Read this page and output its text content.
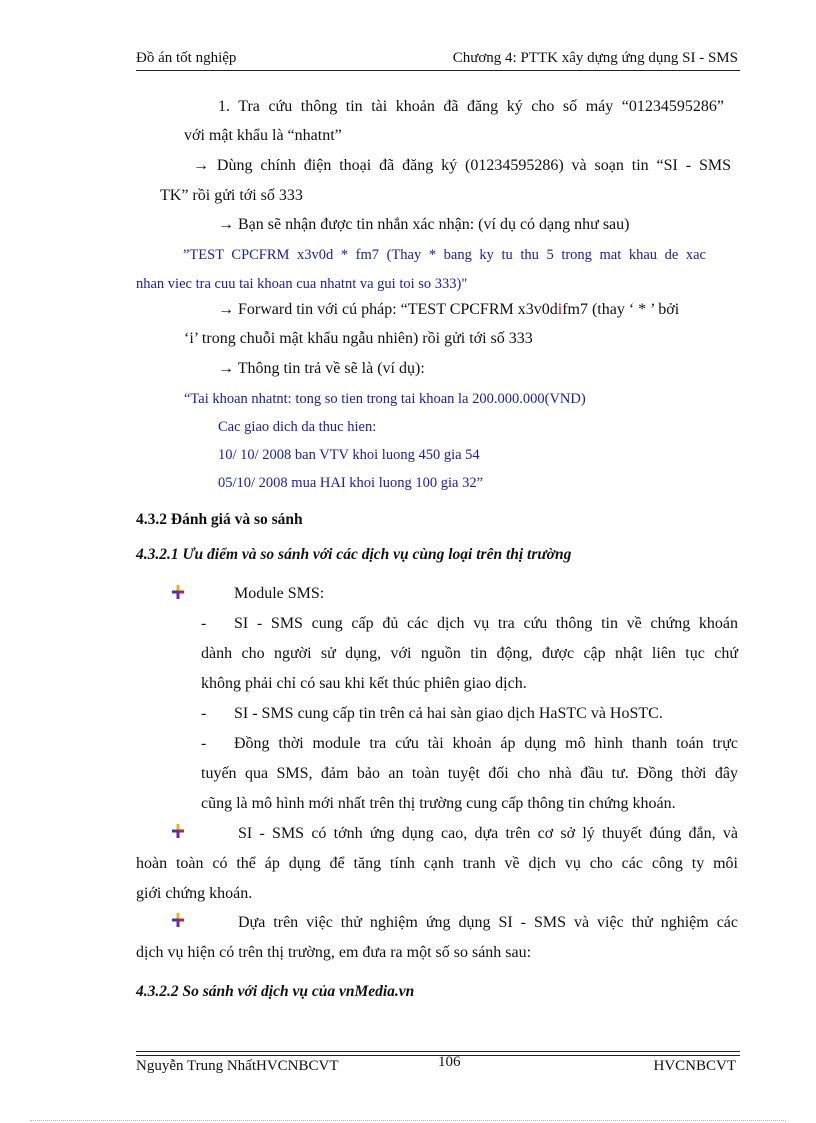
Đồ án tốt nghiệp	Chương 4: PTTK xây dựng ứng dụng SI - SMS
1. Tra cứu thông tin tài khoản đã đăng ký cho số máy “01234595286”
với mật khẩu là “nhatnt”
→ Dùng chính điện thoại đã đăng ký (01234595286) và soạn tin “SI - SMS
TK” rồi gửi tới số 333
→ Bạn sẽ nhận được tin nhắn xác nhận: (ví dụ có dạng như sau)
”TEST CPCFRM x3v0d * fm7 (Thay * bang ky tu thu 5 trong mat khau de xac
nhan viec tra cuu tai khoan cua nhatnt va gui toi so 333)"
→ Forward tin với cú pháp: “TEST CPCFRM x3v0difm7 (thay ‘ * ’ bởi
‘i’ trong chuỗi mật khẩu ngẫu nhiên) rồi gửi tới số 333
→ Thông tin trả về sẽ là (ví dụ):
“Tai khoan nhatnt: tong so tien trong tai khoan la 200.000.000(VND)
Cac giao dich da thuc hien:
10/ 10/ 2008 ban VTV khoi luong 450 gia 54
05/10/ 2008 mua HAI khoi luong 100 gia 32”
4.3.2 Đánh giá và so sánh
4.3.2.1 Ưu điểm và so sánh với các dịch vụ cùng loại trên thị trường
Module SMS:
- SI - SMS cung cấp đủ các dịch vụ tra cứu thông tin về chứng khoán
dành cho người sử dụng, với nguồn tin động, được cập nhật liên tục chứ
không phải chỉ có sau khi kết thúc phiên giao dịch.
- SI - SMS cung cấp tin trên cả hai sàn giao dịch HaSTC và HoSTC.
- Đồng thời module tra cứu tài khoản áp dụng mô hình thanh toán trực
tuyến qua SMS, đảm bảo an toàn tuyệt đối cho nhà đầu tư. Đồng thời đây
cũng là mô hình mới nhất trên thị trường cung cấp thông tin chứng khoán.
SI - SMS có tớnh ứng dụng cao, dựa trên cơ sở lý thuyết đúng đắn, và
hoàn toàn có thể áp dụng để tăng tính cạnh tranh về dịch vụ cho các công ty môi
giới chứng khoán.
Dựa trên việc thử nghiệm ứng dụng SI - SMS và việc thử nghiệm các
dịch vụ hiện có trên thị trường, em đưa ra một số so sánh sau:
4.3.2.2 So sánh với dịch vụ của vnMedia.vn
Nguyễn Trung NhấtHVCNBCVT	106	HVCNBCVT
